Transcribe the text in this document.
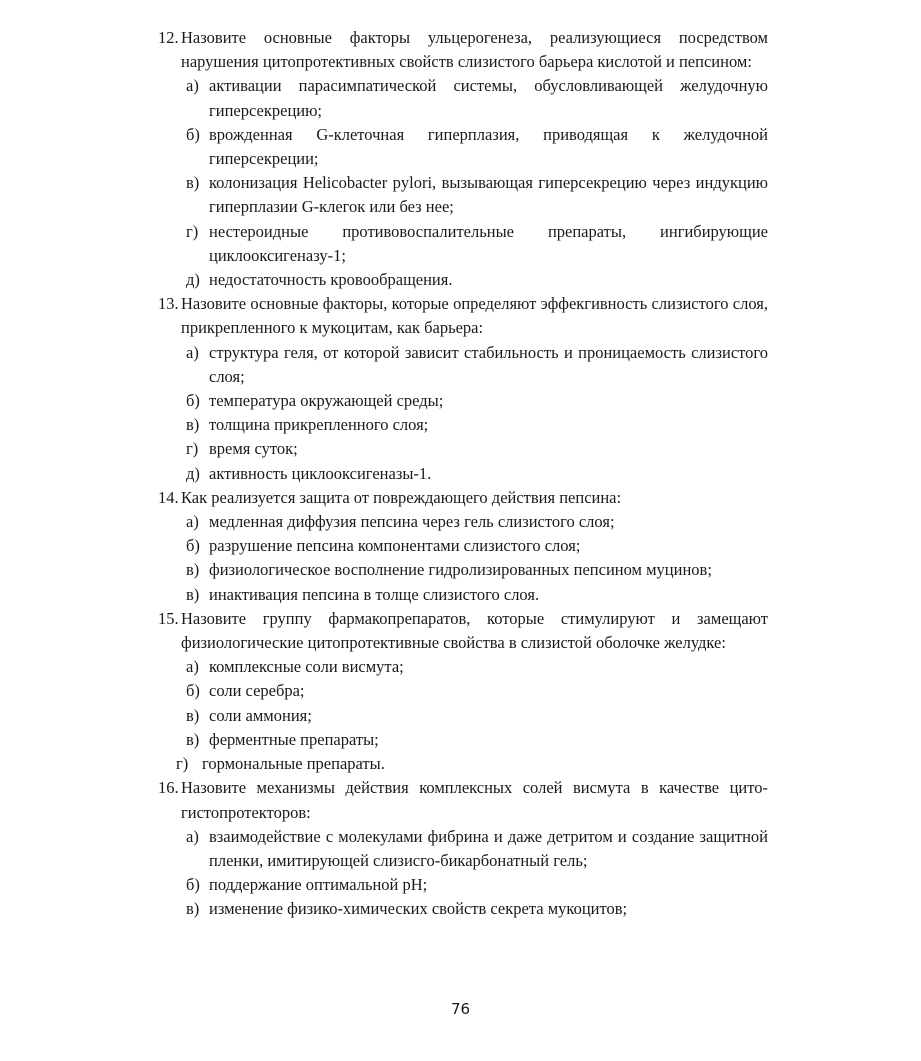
12. Назовите основные факторы ульцерогенеза, реализующиеся посредством нарушения цитопротективных свойств слизистого барьера кислотой и пепсином:
а) активации парасимпатической системы, обусловливающей желудочную гиперсекрецию;
б) врожденная G-клеточная гиперплазия, приводящая к желудочной гиперсекреции;
в) колонизация Helicobacter pylori, вызывающая гиперсекрецию через индукцию гиперплазии G-клегок или без нее;
г) нестероидные противовоспалительные препараты, ингибирующие циклооксигеназу-1;
д) недостаточность кровообращения.
13. Назовите основные факторы, которые определяют эффекгивность слизистого слоя, прикрепленного к мукоцитам, как барьера:
а) структура геля, от которой зависит стабильность и проницаемость слизистого слоя;
б) температура окружающей среды;
в) толщина прикрепленного слоя;
г) время суток;
д) активность циклооксигеназы-1.
14. Как реализуется защита от повреждающего действия пепсина:
а) медленная диффузия пепсина через гель слизистого слоя;
б) разрушение пепсина компонентами слизистого слоя;
в) физиологическое восполнение гидролизированных пепсином муцинов;
в) инактивация пепсина в толще слизистого слоя.
15. Назовите группу фармакопрепаратов, которые стимулируют и замещают физиологические цитопротективные свойства в слизистой оболочке желудке:
а) комплексные соли висмута;
б) соли серебра;
в) соли аммония;
в) ферментные препараты;
г) гормональные препараты.
16. Назовите механизмы действия комплексных солей висмута в качестве цито-гистопротекторов:
а) взаимодействие с молекулами фибрина и даже детритом и создание защитной пленки, имитирующей слизисго-бикарбонатный гель;
б) поддержание оптимальной pH;
в) изменение физико-химических свойств секрета мукоцитов;
76
